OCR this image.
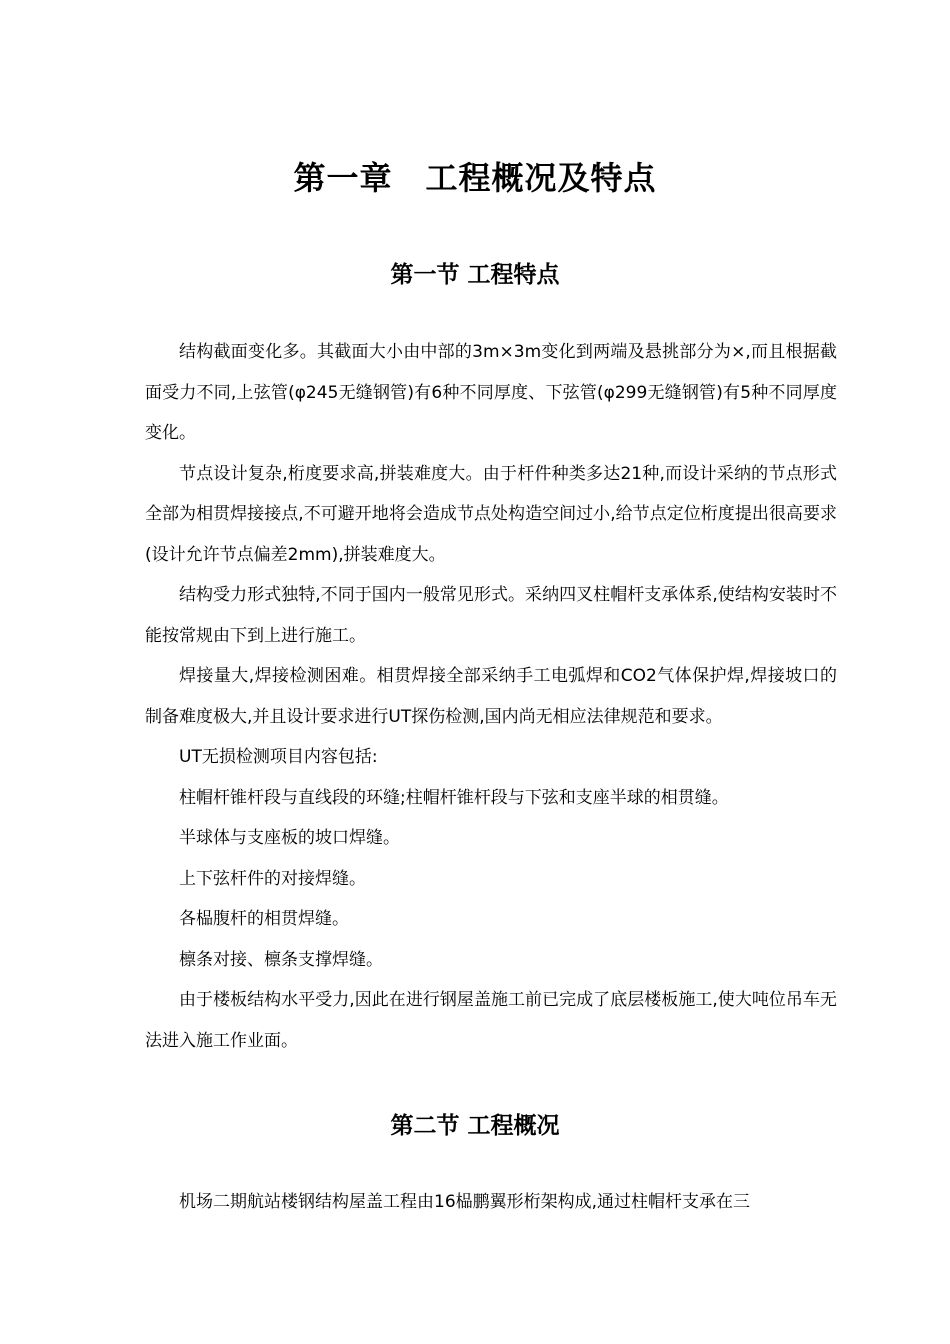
第一章　工程概况及特点
第一节 工程特点

结构截面变化多。其截面大小由中部的3m×3m变化到两端及悬挑部分为×,而且根据截面受力不同,上弦管(φ245无缝钢管)有6种不同厚度、下弦管(φ299无缝钢管)有5种不同厚度变化。

节点设计复杂,桁度要求高,拼装难度大。由于杆件种类多达21种,而设计采纳的节点形式全部为相贯焊接接点,不可避开地将会造成节点处构造空间过小,给节点定位桁度提出很高要求(设计允许节点偏差2mm),拼装难度大。

结构受力形式独特,不同于国内一般常见形式。采纳四叉柱帽杆支承体系,使结构安装时不能按常规由下到上进行施工。

焊接量大,焊接检测困难。相贯焊接全部采纳手工电弧焊和CO2气体保护焊,焊接坡口的制备难度极大,并且设计要求进行UT探伤检测,国内尚无相应法律规范和要求。

UT无损检测项目内容包括:

柱帽杆锥杆段与直线段的环缝;柱帽杆锥杆段与下弦和支座半球的相贯缝。

半球体与支座板的坡口焊缝。

上下弦杆件的对接焊缝。

各榀腹杆的相贯焊缝。

檩条对接、檩条支撑焊缝。

由于楼板结构水平受力,因此在进行钢屋盖施工前已完成了底层楼板施工,使大吨位吊车无法进入施工作业面。

第二节 工程概况

机场二期航站楼钢结构屋盖工程由16榀鹏翼形桁架构成,通过柱帽杆支承在三
